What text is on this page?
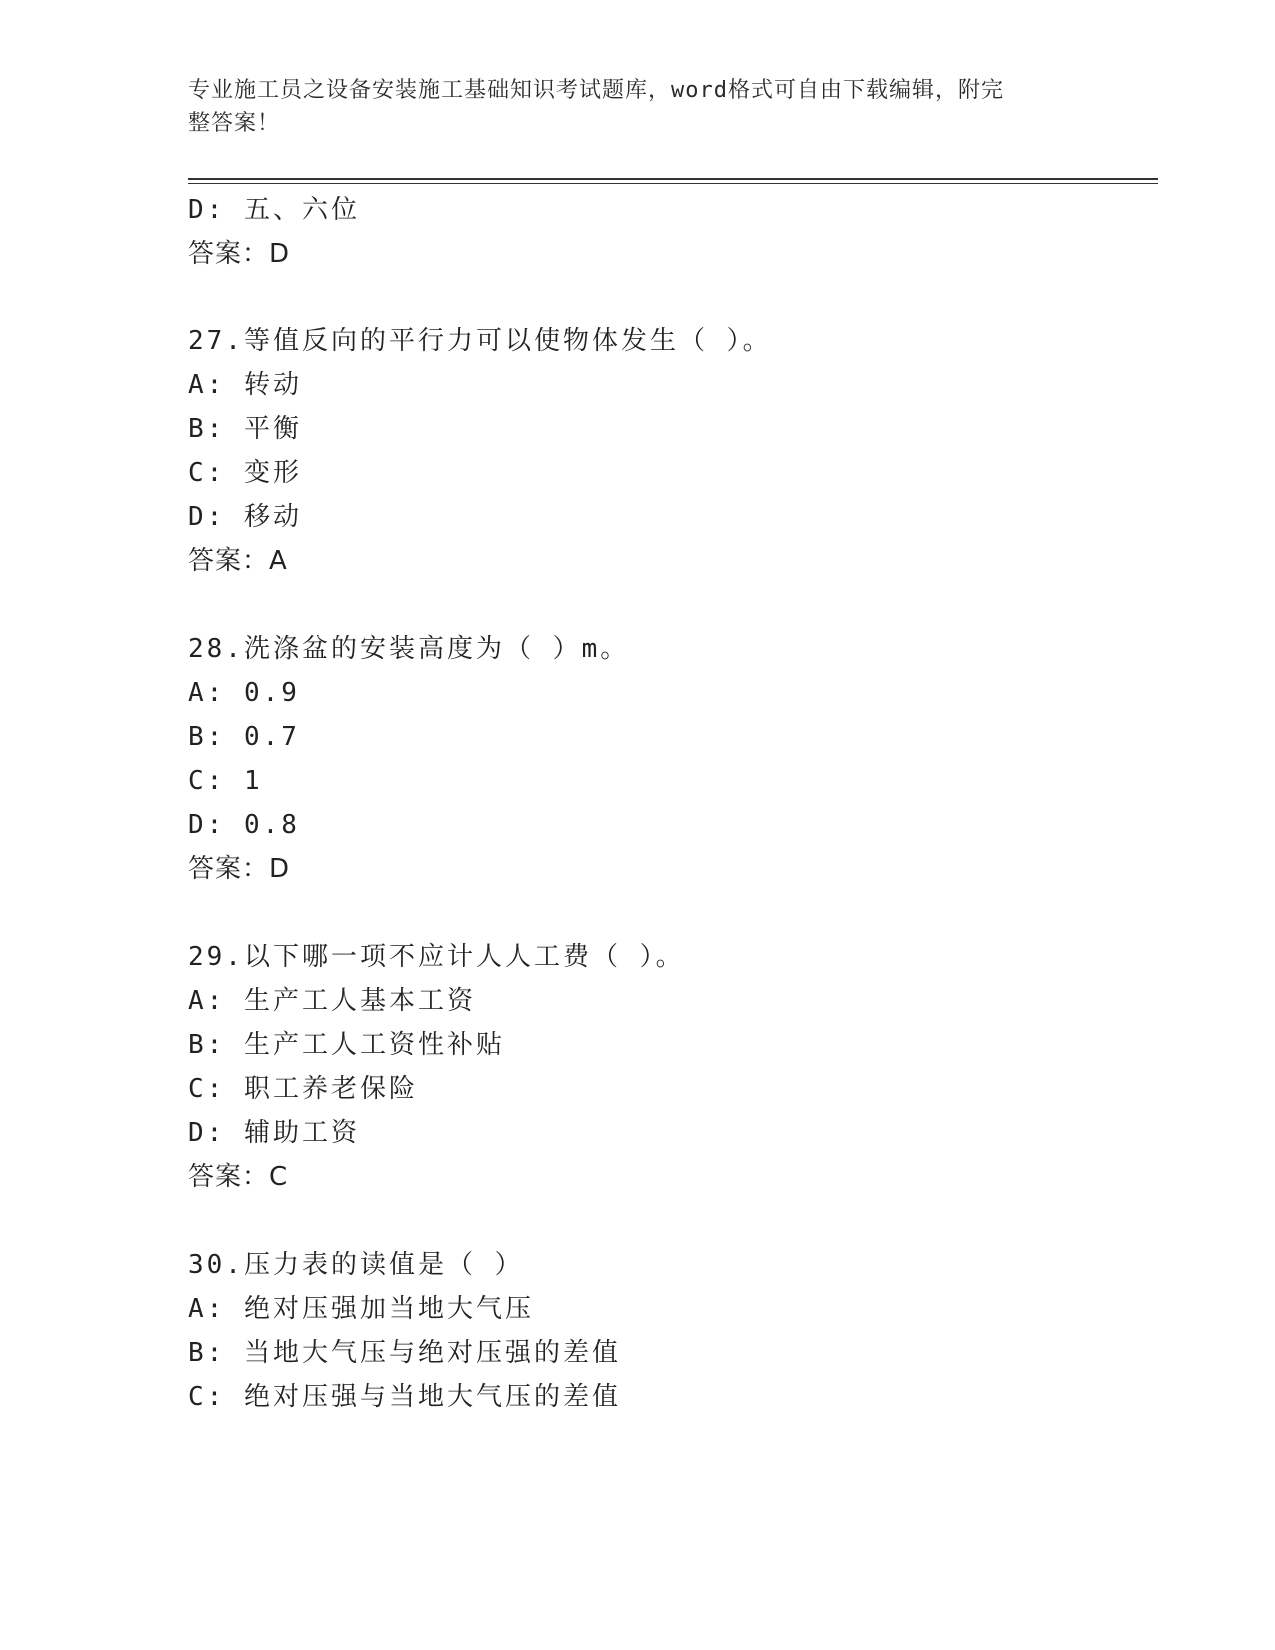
专业施工员之设备安装施工基础知识考试题库，word格式可自由下载编辑，附完
整答案！
D: 五、六位
答案：D
27.等值反向的平行力可以使物体发生（ ）。
A: 转动
B: 平衡
C: 变形
D: 移动
答案：A
28.洗涤盆的安装高度为（ ）m。
A: 0.9
B: 0.7
C: 1
D: 0.8
答案：D
29.以下哪一项不应计人人工费（ ）。
A: 生产工人基本工资
B: 生产工人工资性补贴
C: 职工养老保险
D: 辅助工资
答案：C
30.压力表的读值是（ ）
A: 绝对压强加当地大气压
B: 当地大气压与绝对压强的差值
C: 绝对压强与当地大气压的差值
